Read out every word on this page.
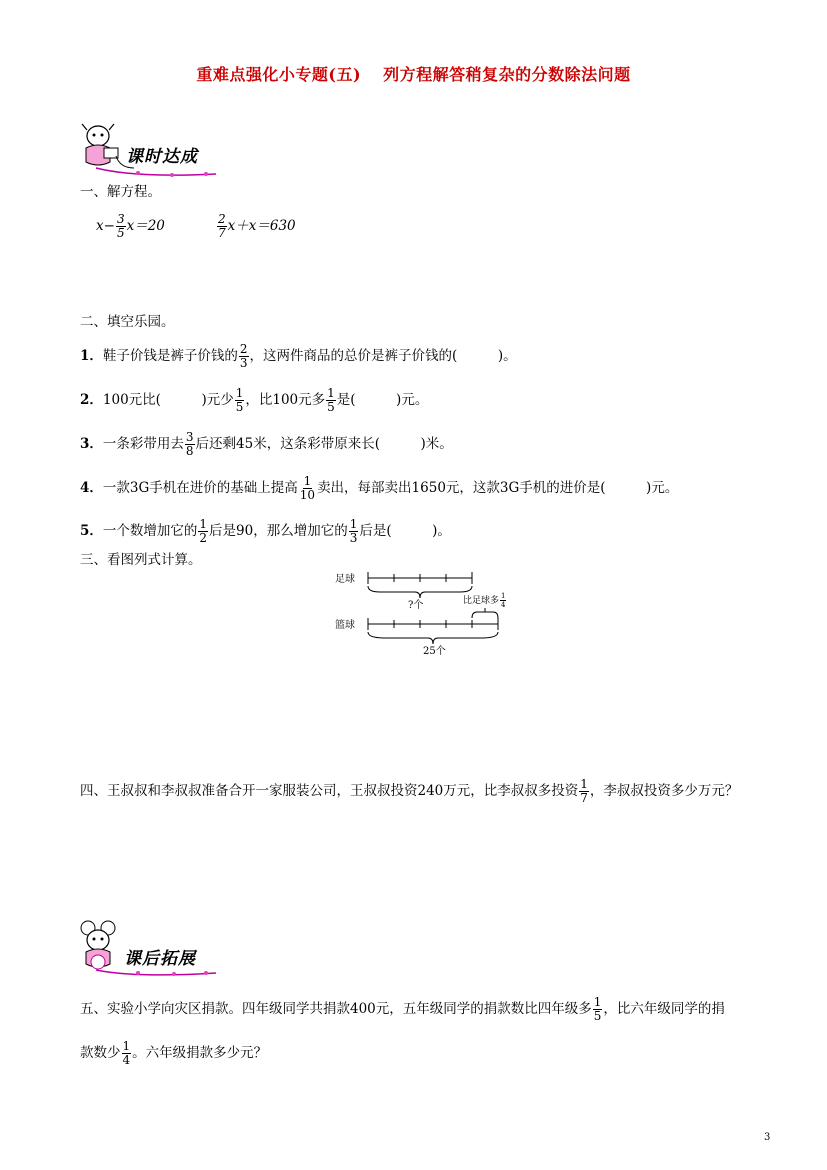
重难点强化小专题(五) 列方程解答稍复杂的分数除法问题
课时达成
一、解方程。
$x- \frac{3}{5} x=20$	$\frac{2}{7} x+x=630$
二、填空乐园。
1．鞋子价钱是裤子价钱的 $\frac{2}{3}$ ，这两件商品的总价是裤子价钱的(　　　)。
2．100元比(　　　)元少 $\frac{1}{5}$ ，比100元多 $\frac{1}{5}$ 是(　　　)元。
3．一条彩带用去 $\frac{3}{8}$ 后还剩45米，这条彩带原来长(　　　)米。
4．一款3G手机在进价的基础上提高 $\frac{1}{10}$ 卖出，每部卖出1650元，这款3G手机的进价是(　　　)元。
5．一个数增加它的 $\frac{1}{2}$ 后是90，那么增加它的 $\frac{1}{3}$ 后是(　　　)。
三、看图列式计算。
足球
篮球
?个	比足球多 $\frac{1}{4}$
25个
四、王叔叔和李叔叔准备合开一家服装公司，王叔叔投资240万元，比李叔叔多投资 $\frac{1}{7}$ ，李叔叔投资多少万元？
课后拓展
五、实验小学向灾区捐款。四年级同学共捐款400元，五年级同学的捐款数比四年级多 $\frac{1}{5}$ ，比六年级同学的捐
款数少 $\frac{1}{4}$ 。六年级捐款多少元？
3
